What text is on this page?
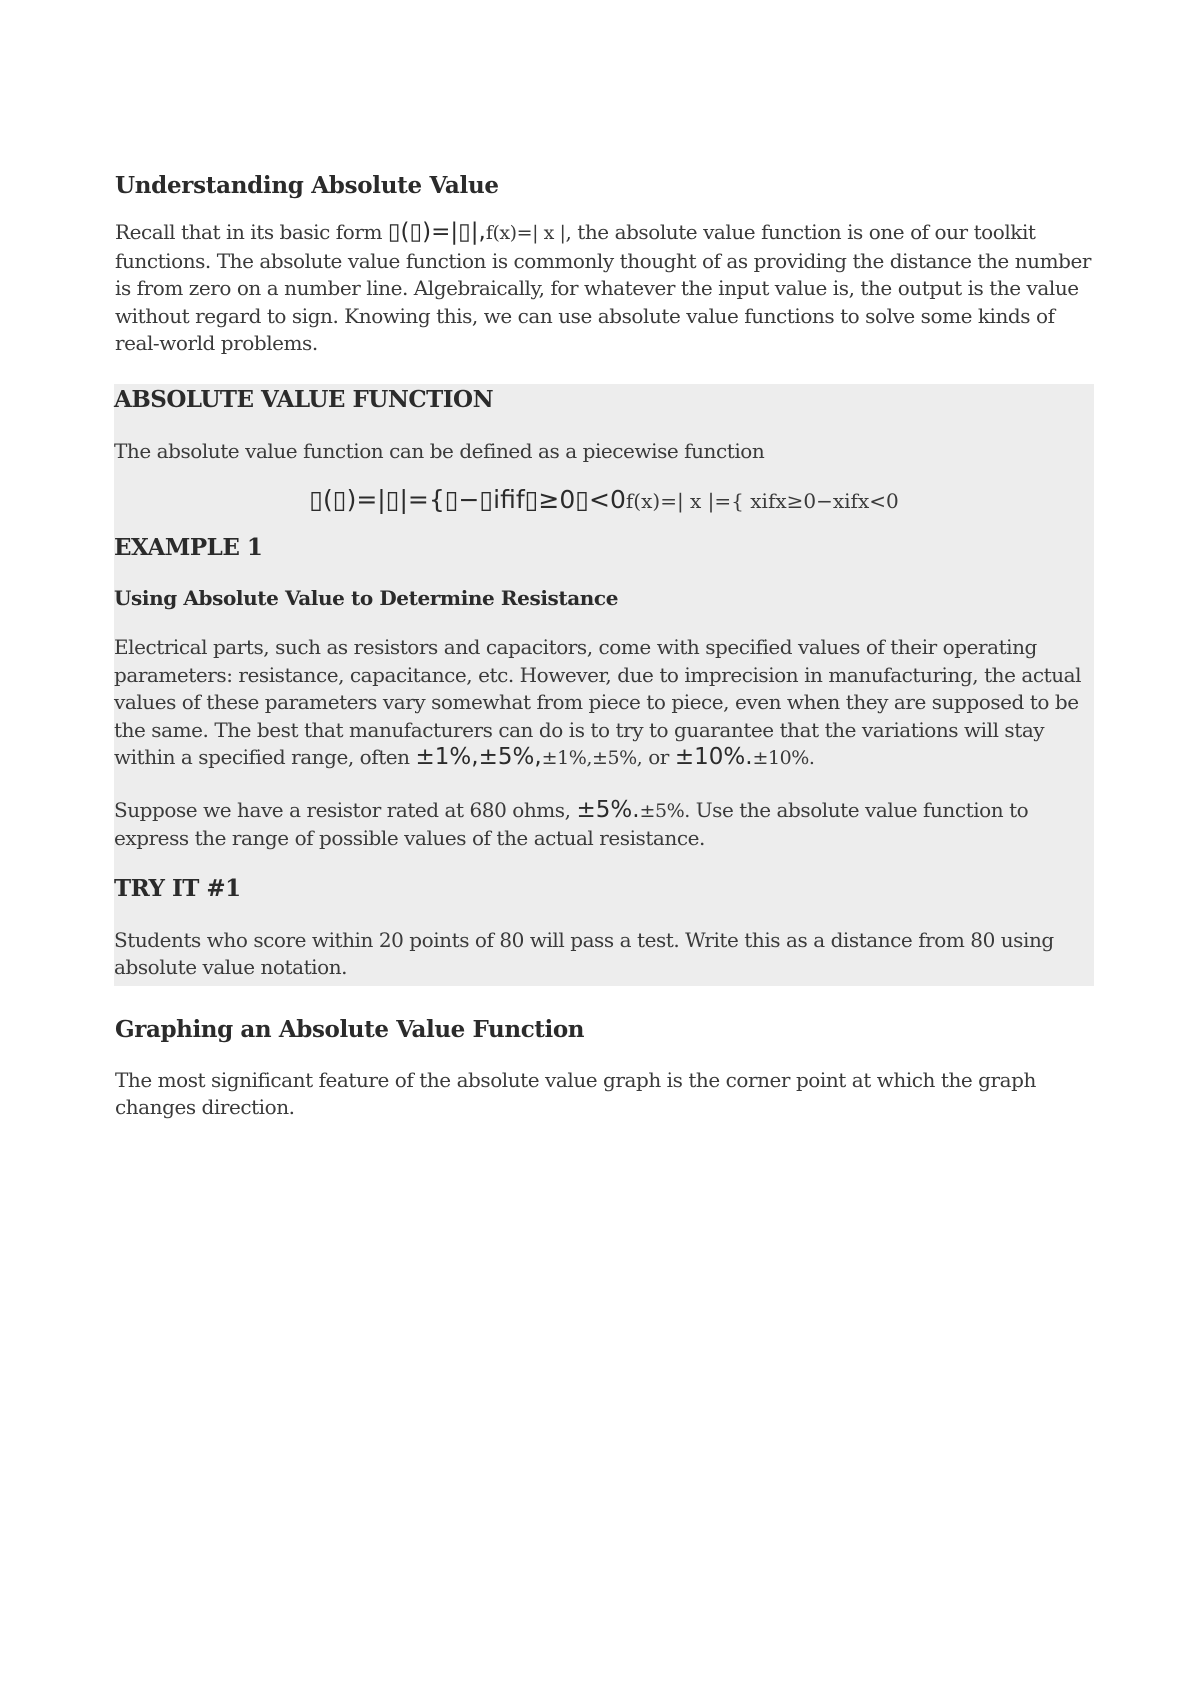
Understanding Absolute Value

Recall that in its basic form ▯(▯)=|▯|,f(x)=| x |, the absolute value function is one of our toolkit functions. The absolute value function is commonly thought of as providing the distance the number is from zero on a number line. Algebraically, for whatever the input value is, the output is the value without regard to sign. Knowing this, we can use absolute value functions to solve some kinds of real-world problems.

ABSOLUTE VALUE FUNCTION

The absolute value function can be defined as a piecewise function

▯(▯)=|▯|={▯−▯ifif▯≥0▯<0f(x)=| x |={ xifx≥0−xifx<0
EXAMPLE 1
Using Absolute Value to Determine Resistance

Electrical parts, such as resistors and capacitors, come with specified values of their operating parameters: resistance, capacitance, etc. However, due to imprecision in manufacturing, the actual values of these parameters vary somewhat from piece to piece, even when they are supposed to be the same. The best that manufacturers can do is to try to guarantee that the variations will stay within a specified range, often ±1%,±5%,±1%,±5%, or ±10%.±10%.

Suppose we have a resistor rated at 680 ohms, ±5%.±5%. Use the absolute value function to express the range of possible values of the actual resistance.

TRY IT #1

Students who score within 20 points of 80 will pass a test. Write this as a distance from 80 using absolute value notation.

Graphing an Absolute Value Function

The most significant feature of the absolute value graph is the corner point at which the graph changes direction.
